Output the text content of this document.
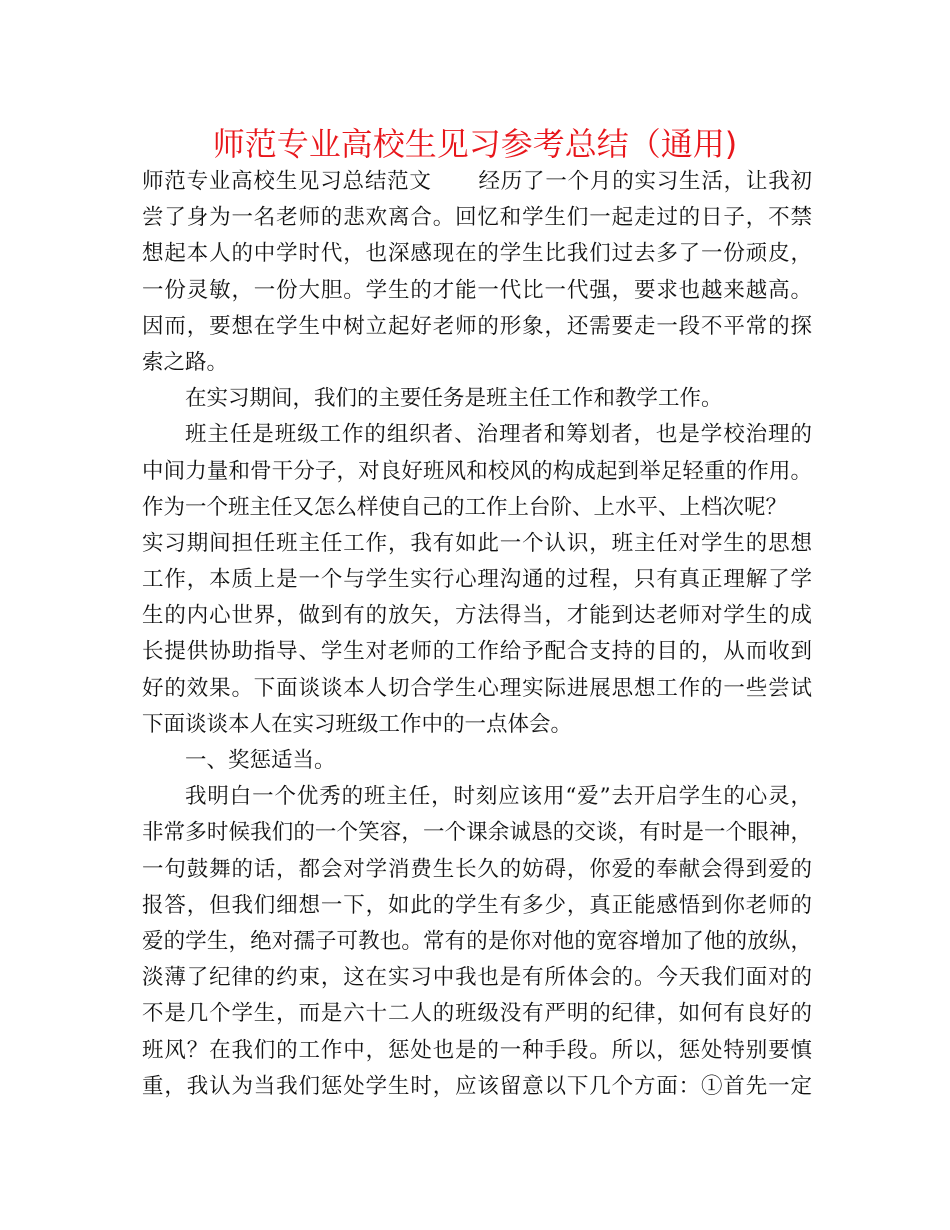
师范专业高校生见习参考总结（通用)
师范专业高校生见习总结范文 经历了一个月的实习生活，让我初
尝了身为一名老师的悲欢离合。回忆和学生们一起走过的日子，不禁
想起本人的中学时代，也深感现在的学生比我们过去多了一份顽皮，
一份灵敏，一份大胆。学生的才能一代比一代强，要求也越来越高。
因而，要想在学生中树立起好老师的形象，还需要走一段不平常的探
索之路。
在实习期间，我们的主要任务是班主任工作和教学工作。
班主任是班级工作的组织者、治理者和筹划者，也是学校治理的
中间力量和骨干分子，对良好班风和校风的构成起到举足轻重的作用。
作为一个班主任又怎么样使自己的工作上台阶、上水平、上档次呢？
实习期间担任班主任工作，我有如此一个认识，班主任对学生的思想
工作，本质上是一个与学生实行心理沟通的过程，只有真正理解了学
生的内心世界，做到有的放矢，方法得当，才能到达老师对学生的成
长提供协助指导、学生对老师的工作给予配合支持的目的，从而收到
好的效果。下面谈谈本人切合学生心理实际进展思想工作的一些尝试
下面谈谈本人在实习班级工作中的一点体会。
一、奖惩适当。
我明白一个优秀的班主任，时刻应该用“爱”去开启学生的心灵，
非常多时候我们的一个笑容，一个课余诚恳的交谈，有时是一个眼神，
一句鼓舞的话，都会对学消费生长久的妨碍，你爱的奉献会得到爱的
报答，但我们细想一下，如此的学生有多少，真正能感悟到你老师的
爱的学生，绝对孺子可教也。常有的是你对他的宽容增加了他的放纵，
淡薄了纪律的约束，这在实习中我也是有所体会的。今天我们面对的
不是几个学生，而是六十二人的班级没有严明的纪律，如何有良好的
班风？在我们的工作中，惩处也是的一种手段。所以，惩处特别要慎
重，我认为当我们惩处学生时，应该留意以下几个方面：①首先一定
